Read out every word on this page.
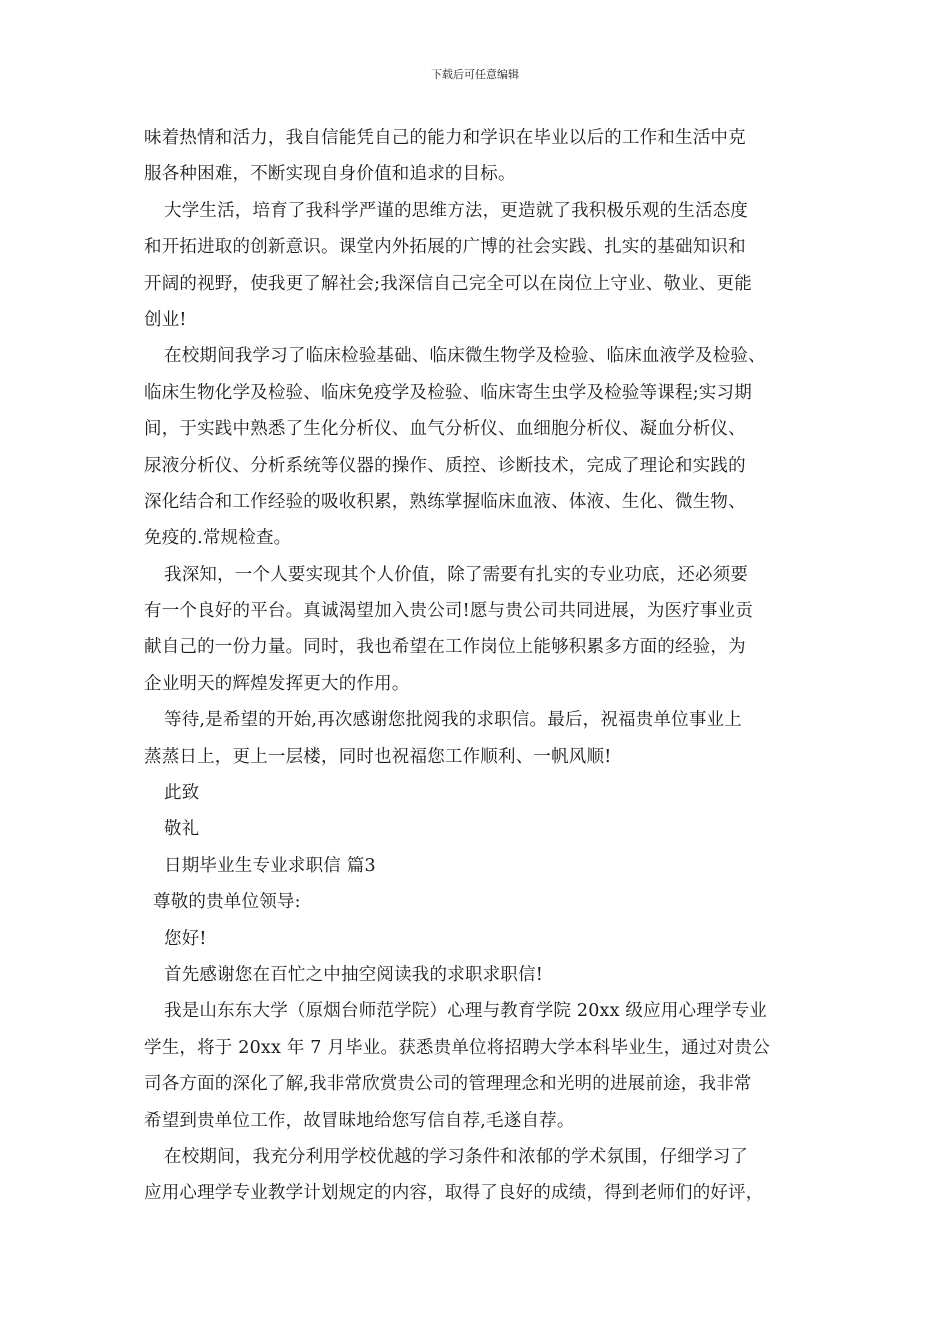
下载后可任意编辑
味着热情和活力，我自信能凭自己的能力和学识在毕业以后的工作和生活中克
服各种困难，不断实现自身价值和追求的目标。
大学生活，培育了我科学严谨的思维方法，更造就了我积极乐观的生活态度
和开拓进取的创新意识。课堂内外拓展的广博的社会实践、扎实的基础知识和
开阔的视野，使我更了解社会;我深信自己完全可以在岗位上守业、敬业、更能
创业!
在校期间我学习了临床检验基础、临床微生物学及检验、临床血液学及检验、
临床生物化学及检验、临床免疫学及检验、临床寄生虫学及检验等课程;实习期
间，于实践中熟悉了生化分析仪、血气分析仪、血细胞分析仪、凝血分析仪、
尿液分析仪、分析系统等仪器的操作、质控、诊断技术，完成了理论和实践的
深化结合和工作经验的吸收积累，熟练掌握临床血液、体液、生化、微生物、
免疫的.常规检查。
我深知，一个人要实现其个人价值，除了需要有扎实的专业功底，还必须要
有一个良好的平台。真诚渴望加入贵公司!愿与贵公司共同进展，为医疗事业贡
献自己的一份力量。同时，我也希望在工作岗位上能够积累多方面的经验，为
企业明天的辉煌发挥更大的作用。
等待,是希望的开始,再次感谢您批阅我的求职信。最后，祝福贵单位事业上
蒸蒸日上，更上一层楼，同时也祝福您工作顺利、一帆风顺!
此致
敬礼
日期毕业生专业求职信 篇3
尊敬的贵单位领导:
您好!
首先感谢您在百忙之中抽空阅读我的求职求职信!
我是山东东大学（原烟台师范学院）心理与教育学院 20xx 级应用心理学专业
学生，将于 20xx 年 7 月毕业。获悉贵单位将招聘大学本科毕业生，通过对贵公
司各方面的深化了解,我非常欣赏贵公司的管理理念和光明的进展前途，我非常
希望到贵单位工作，故冒昧地给您写信自荐,毛遂自荐。
在校期间，我充分利用学校优越的学习条件和浓郁的学术氛围，仔细学习了
应用心理学专业教学计划规定的内容，取得了良好的成绩，得到老师们的好评，
